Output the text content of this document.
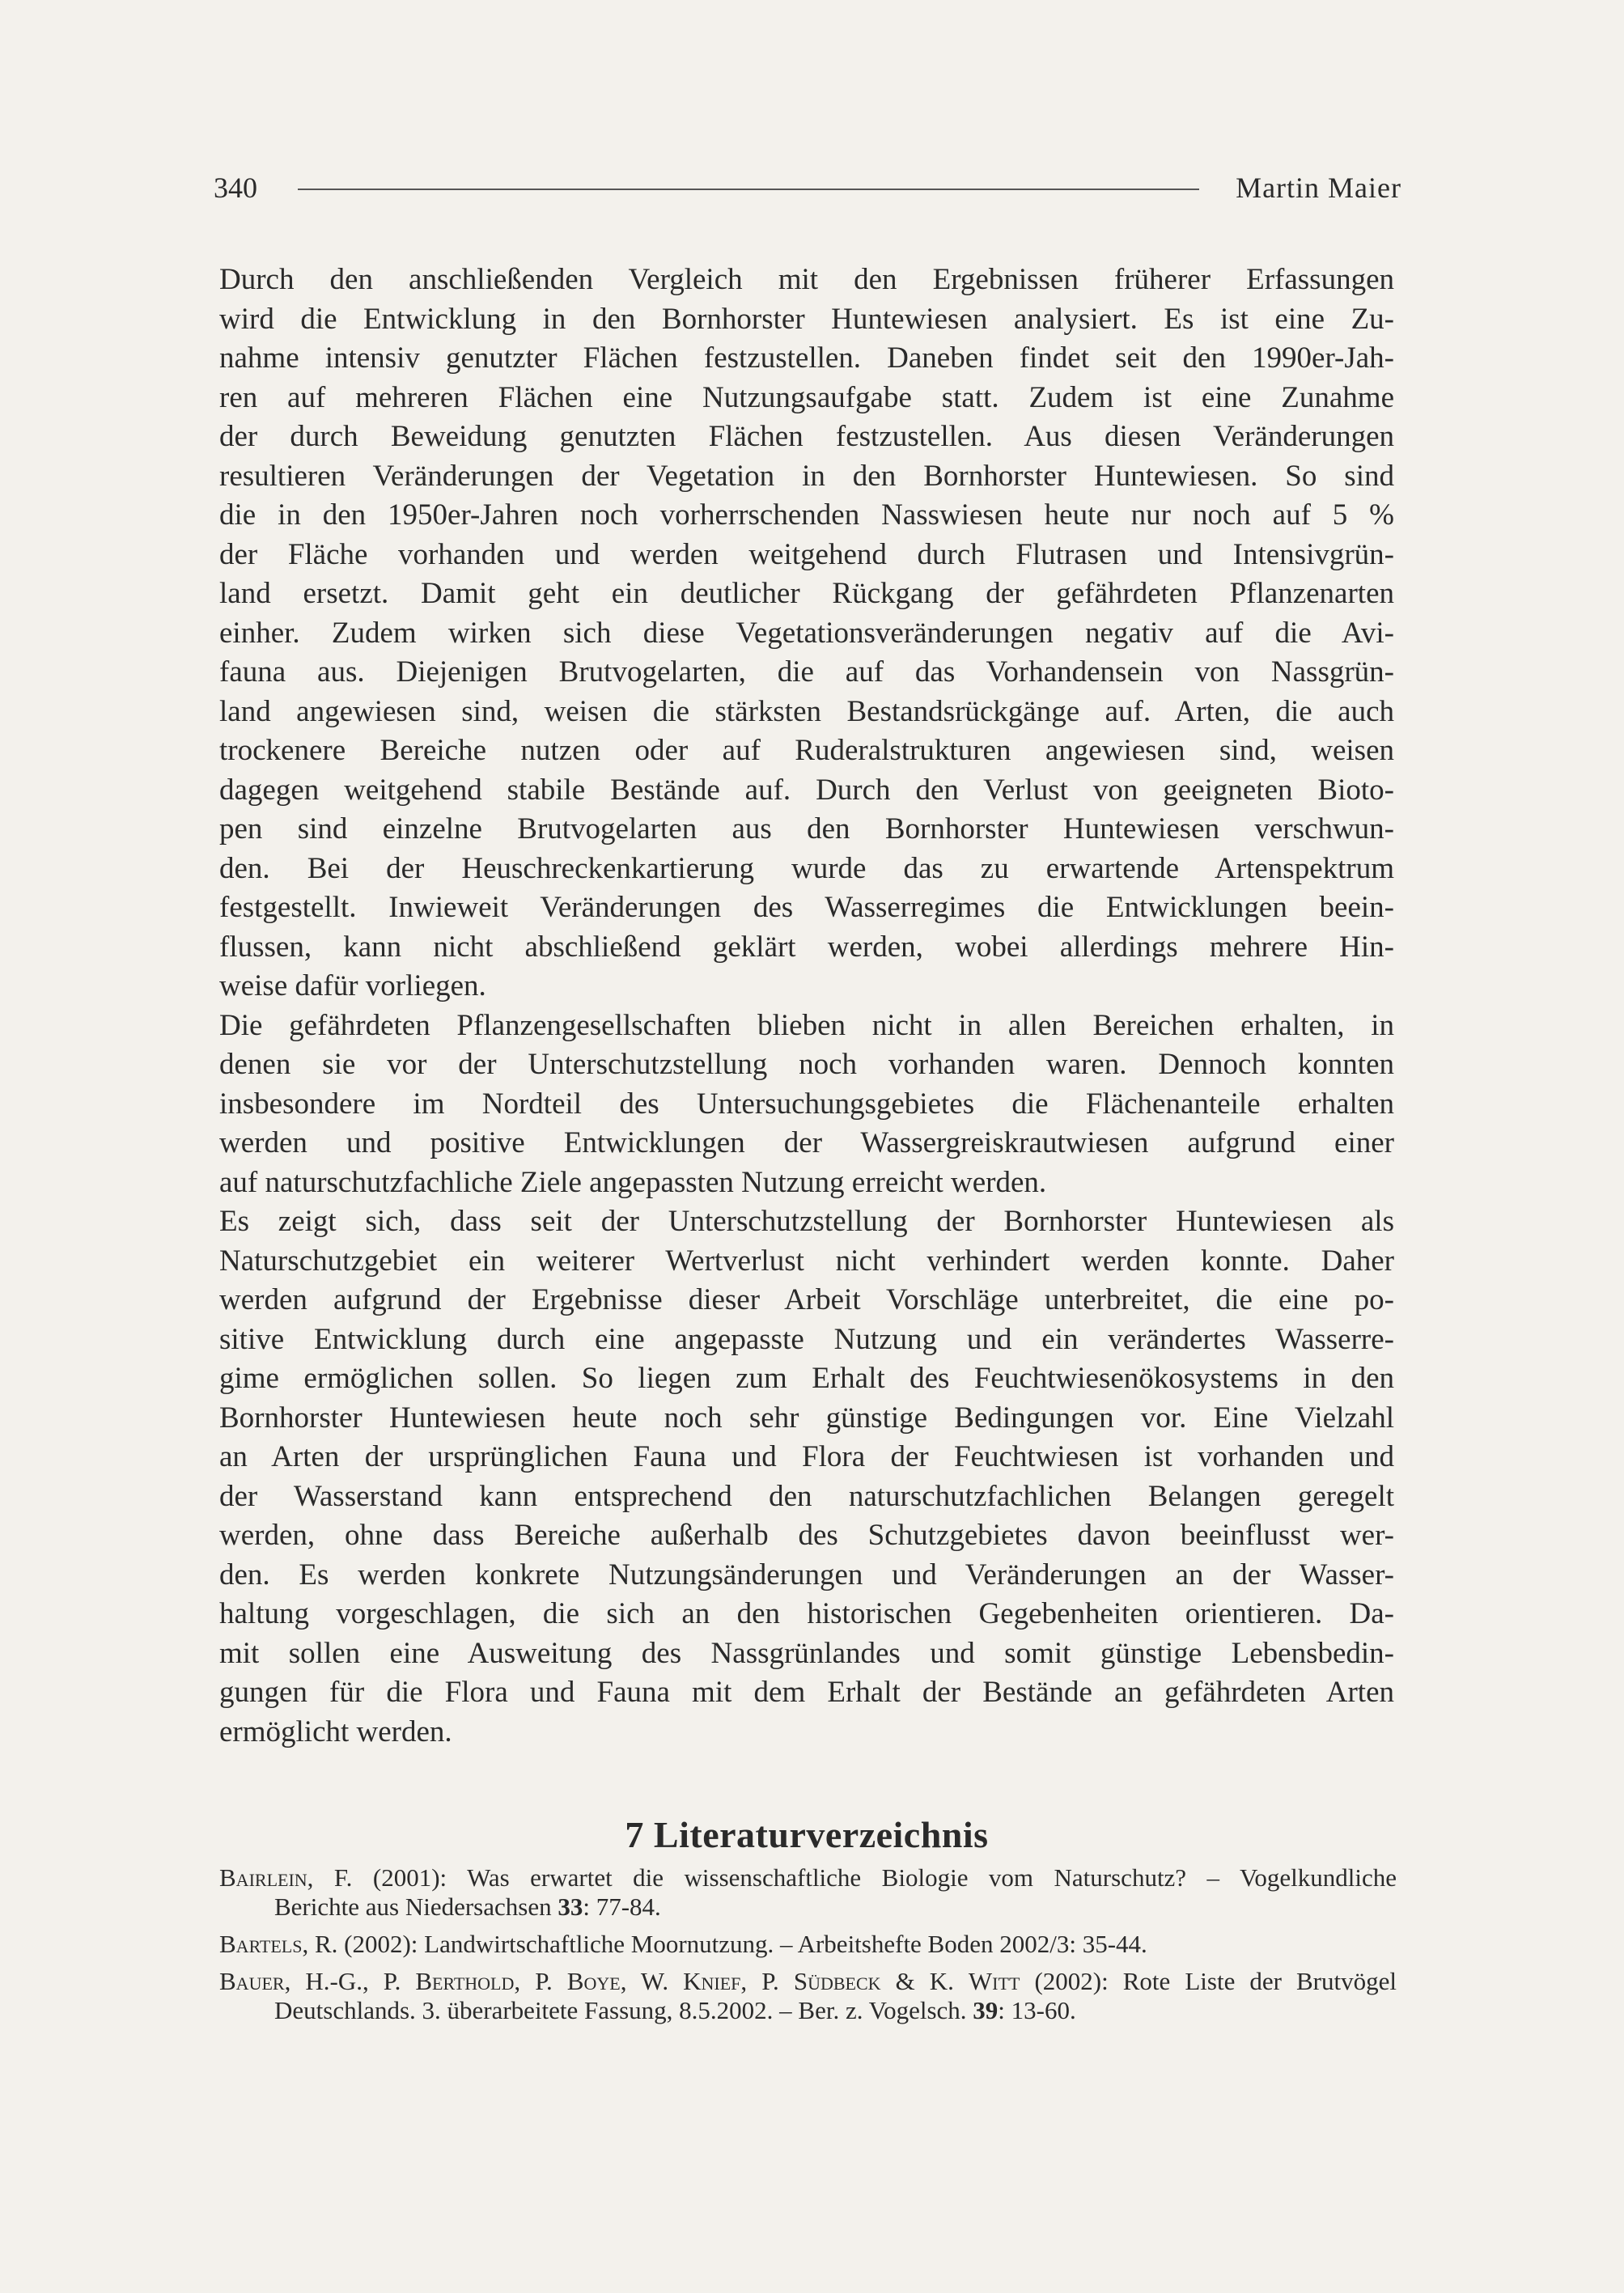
340	Martin Maier
Durch den anschließenden Vergleich mit den Ergebnissen früherer Erfassungen
wird die Entwicklung in den Bornhorster Huntewiesen analysiert. Es ist eine Zu-
nahme intensiv genutzter Flächen festzustellen. Daneben findet seit den 1990er-Jah-
ren auf mehreren Flächen eine Nutzungsaufgabe statt. Zudem ist eine Zunahme
der durch Beweidung genutzten Flächen festzustellen. Aus diesen Veränderungen
resultieren Veränderungen der Vegetation in den Bornhorster Huntewiesen. So sind
die in den 1950er-Jahren noch vorherrschenden Nasswiesen heute nur noch auf 5 %
der Fläche vorhanden und werden weitgehend durch Flutrasen und Intensivgrün-
land ersetzt. Damit geht ein deutlicher Rückgang der gefährdeten Pflanzenarten
einher. Zudem wirken sich diese Vegetationsveränderungen negativ auf die Avi-
fauna aus. Diejenigen Brutvogelarten, die auf das Vorhandensein von Nassgrün-
land angewiesen sind, weisen die stärksten Bestandsrückgänge auf. Arten, die auch
trockenere Bereiche nutzen oder auf Ruderalstrukturen angewiesen sind, weisen
dagegen weitgehend stabile Bestände auf. Durch den Verlust von geeigneten Bioto-
pen sind einzelne Brutvogelarten aus den Bornhorster Huntewiesen verschwun-
den. Bei der Heuschreckenkartierung wurde das zu erwartende Artenspektrum
festgestellt. Inwieweit Veränderungen des Wasserregimes die Entwicklungen beein-
flussen, kann nicht abschließend geklärt werden, wobei allerdings mehrere Hin-
weise dafür vorliegen.
Die gefährdeten Pflanzengesellschaften blieben nicht in allen Bereichen erhalten, in
denen sie vor der Unterschutzstellung noch vorhanden waren. Dennoch konnten
insbesondere im Nordteil des Untersuchungsgebietes die Flächenanteile erhalten
werden und positive Entwicklungen der Wassergreiskrautwiesen aufgrund einer
auf naturschutzfachliche Ziele angepassten Nutzung erreicht werden.
Es zeigt sich, dass seit der Unterschutzstellung der Bornhorster Huntewiesen als
Naturschutzgebiet ein weiterer Wertverlust nicht verhindert werden konnte. Daher
werden aufgrund der Ergebnisse dieser Arbeit Vorschläge unterbreitet, die eine po-
sitive Entwicklung durch eine angepasste Nutzung und ein verändertes Wasserre-
gime ermöglichen sollen. So liegen zum Erhalt des Feuchtwiesenökosystems in den
Bornhorster Huntewiesen heute noch sehr günstige Bedingungen vor. Eine Vielzahl
an Arten der ursprünglichen Fauna und Flora der Feuchtwiesen ist vorhanden und
der Wasserstand kann entsprechend den naturschutzfachlichen Belangen geregelt
werden, ohne dass Bereiche außerhalb des Schutzgebietes davon beeinflusst wer-
den. Es werden konkrete Nutzungsänderungen und Veränderungen an der Wasser-
haltung vorgeschlagen, die sich an den historischen Gegebenheiten orientieren. Da-
mit sollen eine Ausweitung des Nassgrünlandes und somit günstige Lebensbedin-
gungen für die Flora und Fauna mit dem Erhalt der Bestände an gefährdeten Arten
ermöglicht werden.
7 Literaturverzeichnis
Bairlein, F. (2001): Was erwartet die wissenschaftliche Biologie vom Naturschutz? – Vogelkundliche
Berichte aus Niedersachsen 33: 77-84.
Bartels, R. (2002): Landwirtschaftliche Moornutzung. – Arbeitshefte Boden 2002/3: 35-44.
Bauer, H.-G., P. Berthold, P. Boye, W. Knief, P. Südbeck & K. Witt (2002): Rote Liste der Brutvögel
Deutschlands. 3. überarbeitete Fassung, 8.5.2002. – Ber. z. Vogelsch. 39: 13-60.
